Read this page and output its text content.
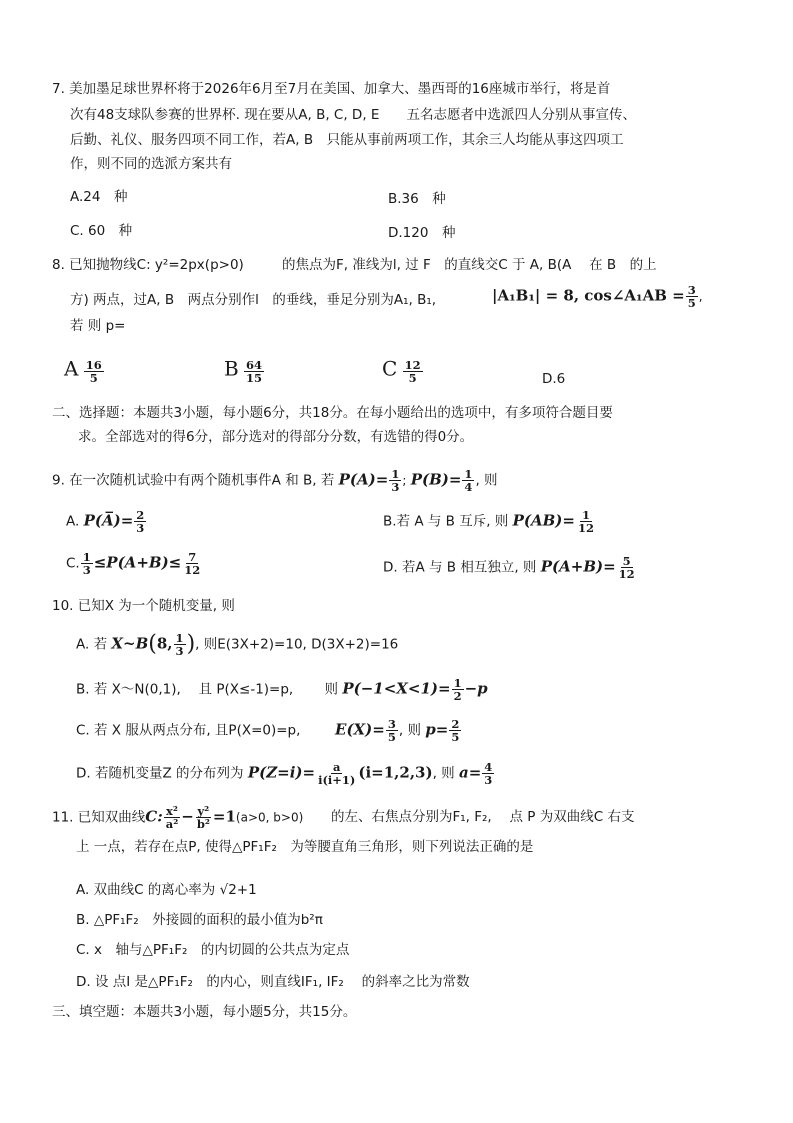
7. 美加墨足球世界杯将于2026年6月至7月在美国、加拿大、墨西哥的16座城市举行，将是首
次有48支球队参赛的世界杯. 现在要从A, B, C, D, E　　五名志愿者中选派四人分别从事宣传、
后勤、礼仪、服务四项不同工作，若A, B　只能从事前两项工作，其余三人均能从事这四项工
作，则不同的选派方案共有
A.24　种	B.36　种
C. 60　种	D.120　种
8. 已知抛物线C: y²=2px(p>0)	的焦点为F, 准线为l, 过 F　的直线交C 于 A, B(A　 在 B　的上
方) 两点，过A, B　两点分别作l　的垂线，垂足分别为A₁, B₁,	|A₁B₁| = 8, cos∠A₁AB = $\frac{3}{5}$ ,
若 则 p=
A $\frac{16}{5}$	B $\frac{64}{15}$	C $\frac{12}{5}$	D.6
二、选择题：本题共3小题，每小题6分，共18分。在每小题给出的选项中，有多项符合题目要
求。全部选对的得6分，部分选对的得部分分数，有选错的得0分。
9. 在一次随机试验中有两个随机事件A 和 B, 若 $P(A)= \frac{1}{3}$ ; $P(B)= \frac{1}{4}$ , 则
A. P(A̅)= $\frac{2}{3}$	B.若 A 与 B 互斥, 则 $P(AB)= \frac{1}{12}$
C. $\frac{1}{3} \le P(A+B)\le \frac{7}{12}$	D. 若A 与 B 相互独立, 则 $P(A+B)= \frac{5}{12}$
10. 已知X 为一个随机变量, 则
A. 若 X~B(8, $\frac{1}{3}$ ), 则E(3X+2)=10, D(3X+2)=16
B. 若 X～N(0,1),　 且 P(X≤-1)=p,　　 则 $P(-1<X<1)= \frac{1}{2} -p$
C. 若 X 服从两点分布, 且P(X=0)=p, $E(X)= \frac{3}{5}$ , 则 $p= \frac{2}{5}$
D. 若随机变量Z 的分布列为 $P(Z=i)= \frac{a}{i(i+1)} (i=1,2,3)$, 则 $a= \frac{4}{3}$
11. 已知双曲线C: $\frac{\text{x²}}{\text{a²}} - \frac{\text{y²}}{\text{b²}} =1(a>0$, b>0) 的左、右焦点分别为F₁, F₂,　 点 P 为双曲线C 右支
上 一点，若存在点P, 使得△PF₁F₂　为等腰直角三角形，则下列说法正确的是
A. 双曲线C 的离心率为 √2+1
B. △PF₁F₂　外接圆的面积的最小值为b²π
C. x　轴与△PF₁F₂　的内切圆的公共点为定点
D. 设 点I 是△PF₁F₂　的内心，则直线IF₁, IF₂　 的斜率之比为常数
三、填空题：本题共3小题，每小题5分，共15分。
